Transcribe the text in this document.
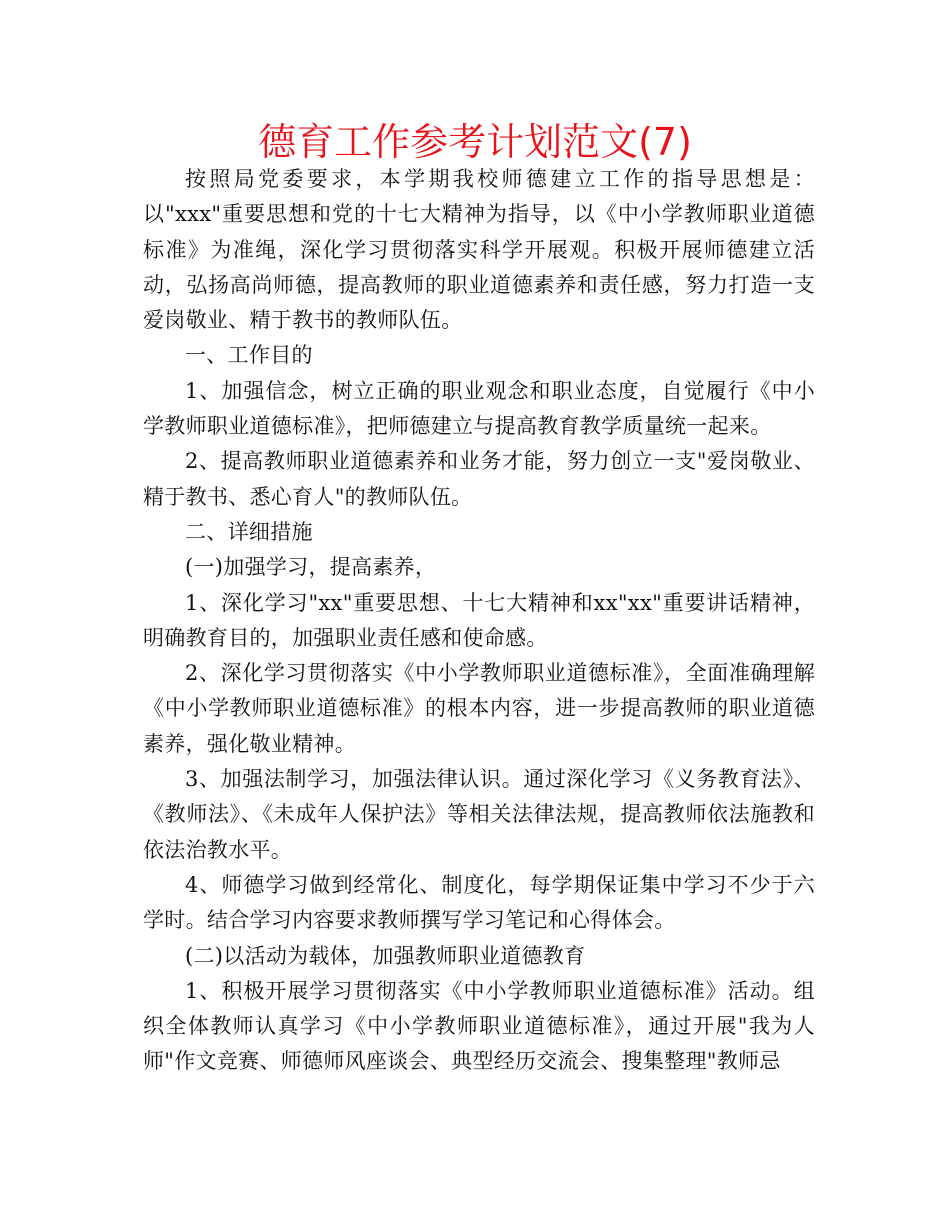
德育工作参考计划范文(7)

按照局党委要求，本学期我校师德建立工作的指导思想是：以"xxx"重要思想和党的十七大精神为指导，以《中小学教师职业道德标准》为准绳，深化学习贯彻落实科学开展观。积极开展师德建立活动，弘扬高尚师德，提高教师的职业道德素养和责任感，努力打造一支爱岗敬业、精于教书的教师队伍。

一、工作目的

1、加强信念，树立正确的职业观念和职业态度，自觉履行《中小学教师职业道德标准》，把师德建立与提高教育教学质量统一起来。

2、提高教师职业道德素养和业务才能，努力创立一支"爱岗敬业、精于教书、悉心育人"的教师队伍。

二、详细措施

(一)加强学习，提高素养，

1、深化学习"xx"重要思想、十七大精神和xx"xx"重要讲话精神，明确教育目的，加强职业责任感和使命感。

2、深化学习贯彻落实《中小学教师职业道德标准》，全面准确理解《中小学教师职业道德标准》的根本内容，进一步提高教师的职业道德素养，强化敬业精神。

3、加强法制学习，加强法律认识。通过深化学习《义务教育法》、《教师法》、《未成年人保护法》等相关法律法规，提高教师依法施教和依法治教水平。

4、师德学习做到经常化、制度化，每学期保证集中学习不少于六学时。结合学习内容要求教师撰写学习笔记和心得体会。

(二)以活动为载体，加强教师职业道德教育

1、积极开展学习贯彻落实《中小学教师职业道德标准》活动。组织全体教师认真学习《中小学教师职业道德标准》，通过开展"我为人师"作文竞赛、师德师风座谈会、典型经历交流会、搜集整理"教师忌
